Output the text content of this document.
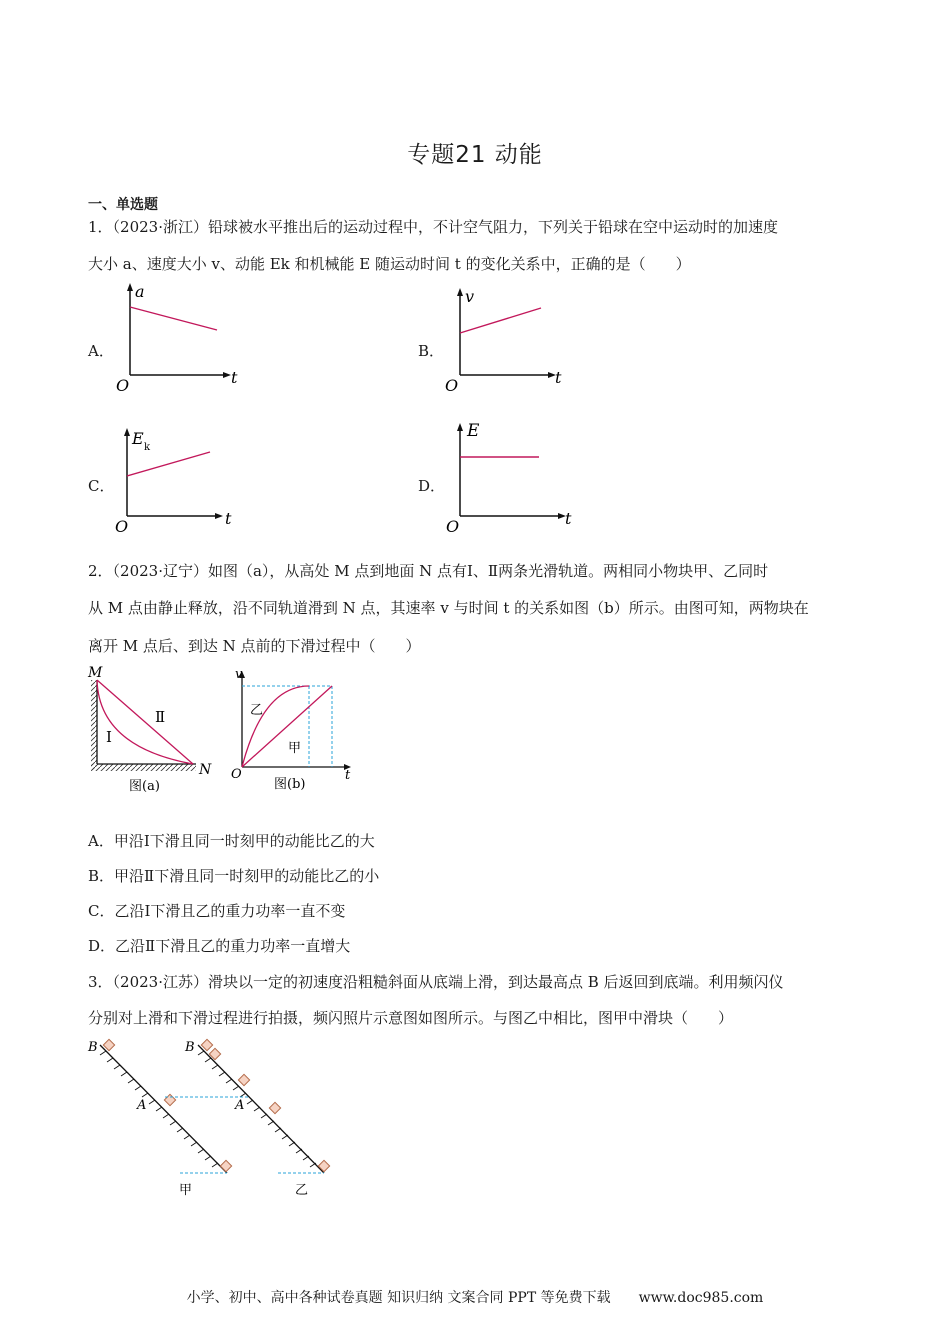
专题21 动能
一、单选题
1．（2023·浙江）铅球被水平推出后的运动过程中，不计空气阻力，下列关于铅球在空中运动时的加速度
大小 a、速度大小 v、动能 Ek 和机械能 E 随运动时间 t 的变化关系中，正确的是（　　）
A．	B．
C．	D．
a
t
O
v
t
O
E k
t
O
E
t
O
2．（2023·辽宁）如图（a），从高处 M 点到地面 N 点有Ⅰ、Ⅱ两条光滑轨道。两相同小物块甲、乙同时
从 M 点由静止释放，沿不同轨道滑到 N 点，其速率 v 与时间 t 的关系如图（b）所示。由图可知，两物块在
离开 M 点后、到达 N 点前的下滑过程中（　　）
M
N
Ⅰ
Ⅱ
图(a)
v
t
O
乙
甲
图(b)
A．甲沿Ⅰ下滑且同一时刻甲的动能比乙的大
B．甲沿Ⅱ下滑且同一时刻甲的动能比乙的小
C．乙沿Ⅰ下滑且乙的重力功率一直不变
D．乙沿Ⅱ下滑且乙的重力功率一直增大
3．（2023·江苏）滑块以一定的初速度沿粗糙斜面从底端上滑，到达最高点 B 后返回到底端。利用频闪仪
分别对上滑和下滑过程进行拍摄，频闪照片示意图如图所示。与图乙中相比，图甲中滑块（　　）
B	B
A	A
甲	乙
小学、初中、高中各种试卷真题 知识归纳 文案合同 PPT 等免费下载　　www.doc985.com
